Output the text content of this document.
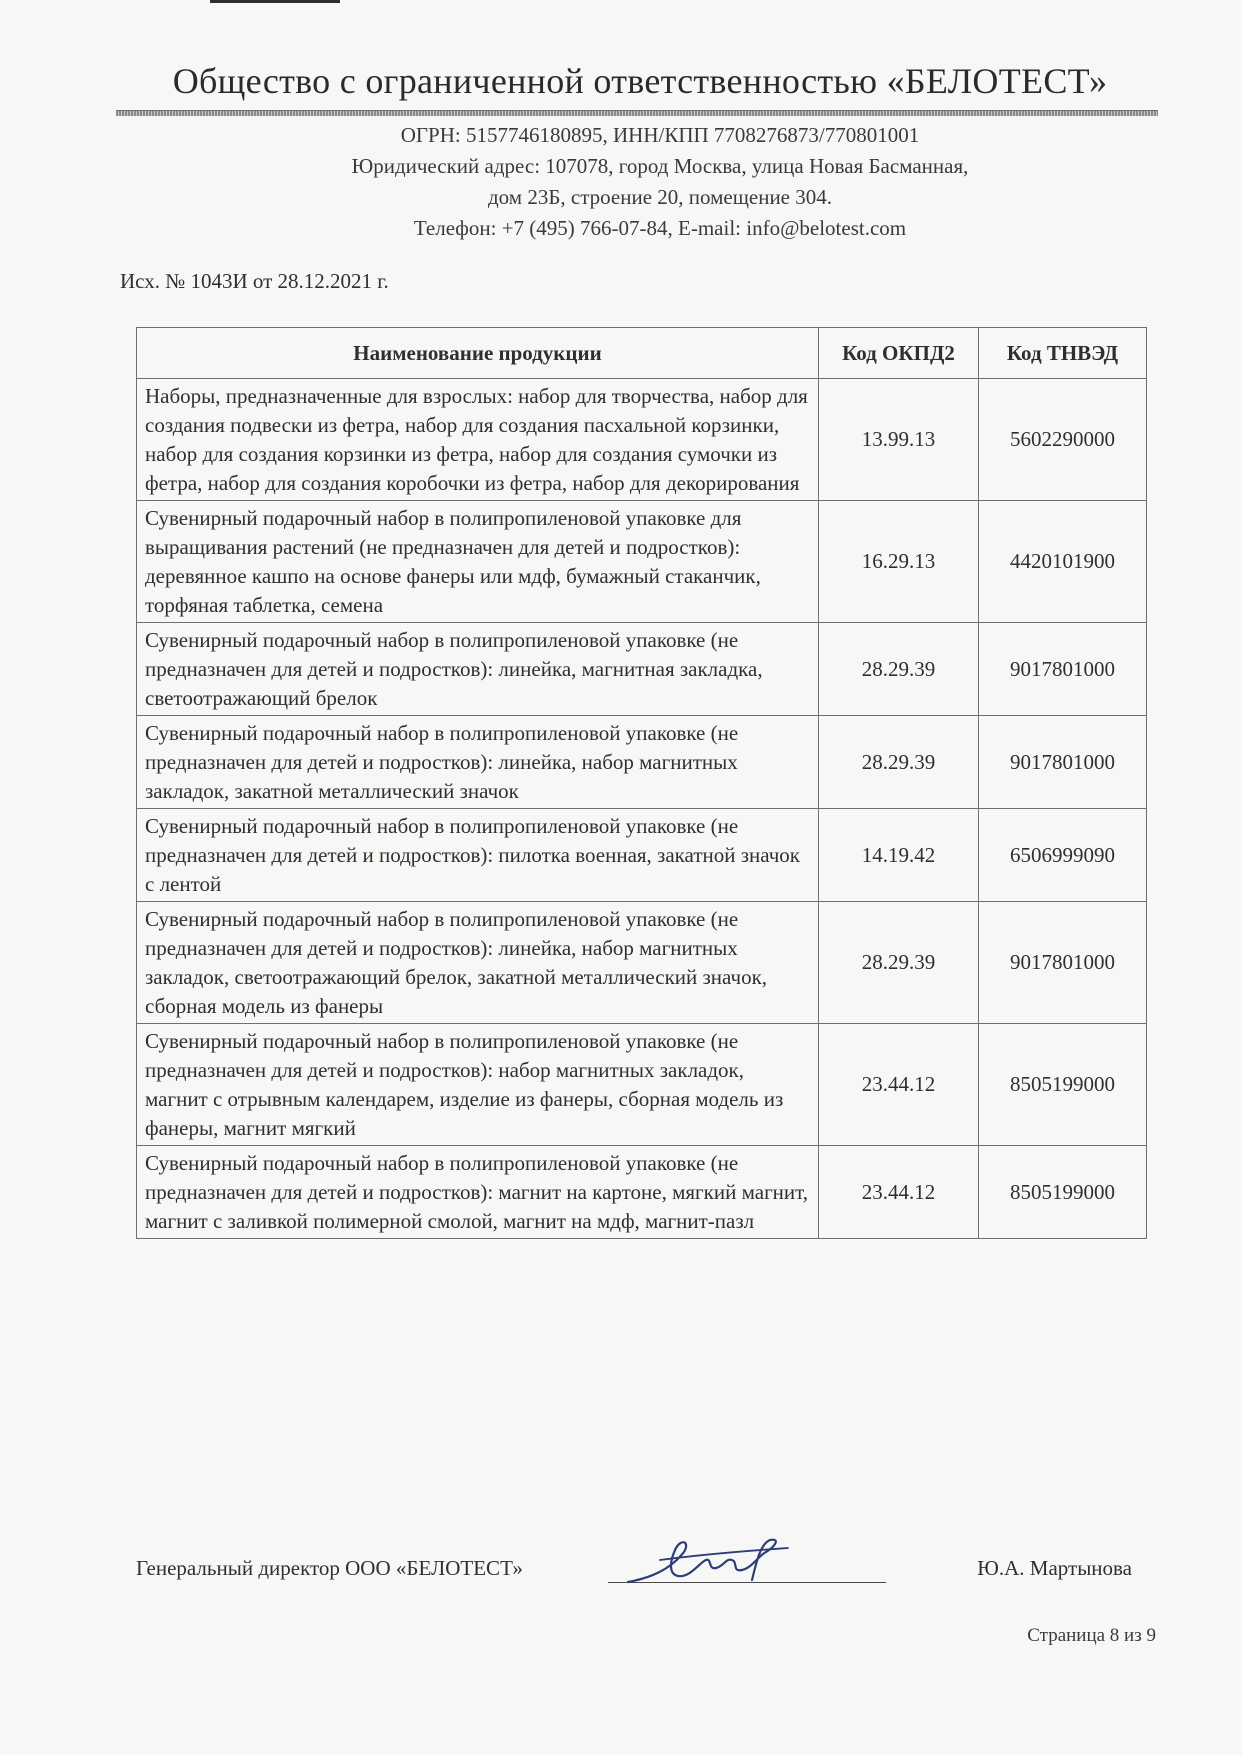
Общество с ограниченной ответственностью «БЕЛОТЕСТ»
ОГРН: 5157746180895, ИНН/КПП 7708276873/770801001
Юридический адрес: 107078, город Москва, улица Новая Басманная,
дом 23Б, строение 20, помещение 304.
Телефон: +7 (495) 766-07-84, E-mail: info@belotest.com
Исх. № 1043И от 28.12.2021 г.
Наименование продукции	Код ОКПД2	Код ТНВЭД
Наборы, предназначенные для взрослых: набор для творчества, набор для создания подвески из фетра, набор для создания пасхальной корзинки, набор для создания корзинки из фетра, набор для создания сумочки из фетра, набор для создания коробочки из фетра, набор для декорирования	13.99.13	5602290000
Сувенирный подарочный набор в полипропиленовой упаковке для выращивания растений (не предназначен для детей и подростков): деревянное кашпо на основе фанеры или мдф, бумажный стаканчик, торфяная таблетка, семена	16.29.13	4420101900
Сувенирный подарочный набор в полипропиленовой упаковке (не предназначен для детей и подростков): линейка, магнитная закладка, светоотражающий брелок	28.29.39	9017801000
Сувенирный подарочный набор в полипропиленовой упаковке (не предназначен для детей и подростков): линейка, набор магнитных закладок, закатной металлический значок	28.29.39	9017801000
Сувенирный подарочный набор в полипропиленовой упаковке (не предназначен для детей и подростков): пилотка военная, закатной значок с лентой	14.19.42	6506999090
Сувенирный подарочный набор в полипропиленовой упаковке (не предназначен для детей и подростков): линейка, набор магнитных закладок, светоотражающий брелок, закатной металлический значок, сборная модель из фанеры	28.29.39	9017801000
Сувенирный подарочный набор в полипропиленовой упаковке (не предназначен для детей и подростков): набор магнитных закладок, магнит с отрывным календарем, изделие из фанеры, сборная модель из фанеры, магнит мягкий	23.44.12	8505199000
Сувенирный подарочный набор в полипропиленовой упаковке (не предназначен для детей и подростков): магнит на картоне, мягкий магнит, магнит с заливкой полимерной смолой, магнит на мдф, магнит-пазл	23.44.12	8505199000
Генеральный директор ООО «БЕЛОТЕСТ»	Ю.А. Мартынова
Страница 8 из 9
